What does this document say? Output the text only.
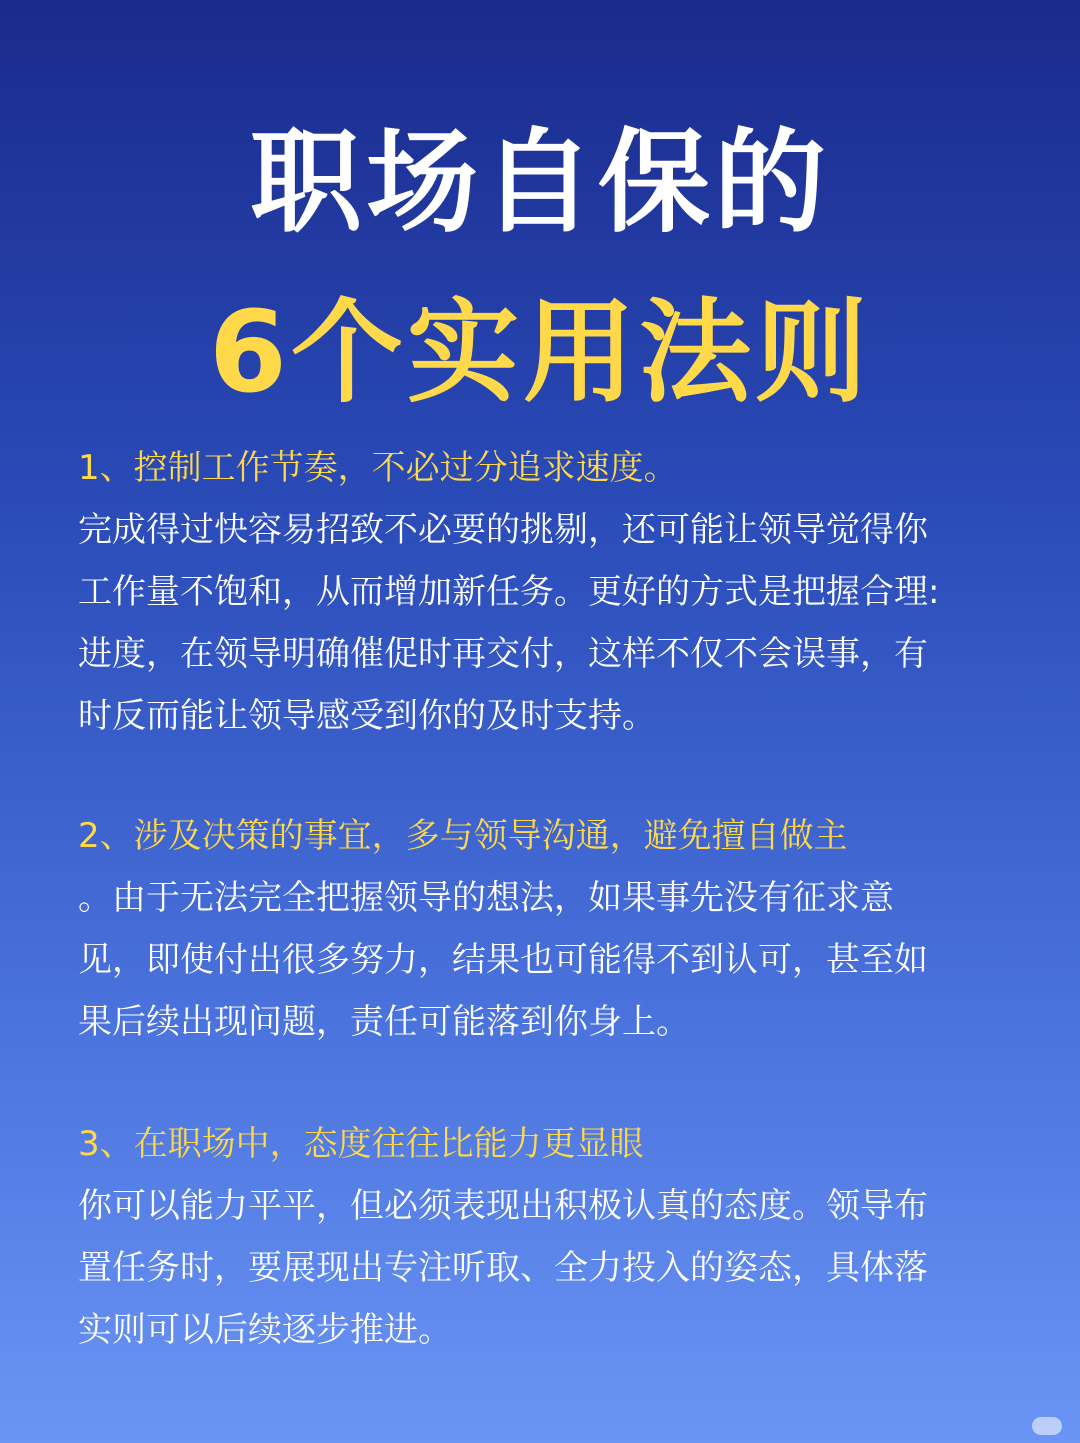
职场自保的
6个实用法则
1、控制工作节奏，不必过分追求速度。
完成得过快容易招致不必要的挑剔，还可能让领导觉得你
工作量不饱和，从而增加新任务。更好的方式是把握合理:
进度，在领导明确催促时再交付，这样不仅不会误事，有
时反而能让领导感受到你的及时支持。
2、涉及决策的事宜，多与领导沟通，避免擅自做主
。由于无法完全把握领导的想法，如果事先没有征求意
见，即使付出很多努力，结果也可能得不到认可，甚至如
果后续出现问题，责任可能落到你身上。
3、在职场中，态度往往比能力更显眼
你可以能力平平，但必须表现出积极认真的态度。领导布
置任务时，要展现出专注听取、全力投入的姿态，具体落
实则可以后续逐步推进。
